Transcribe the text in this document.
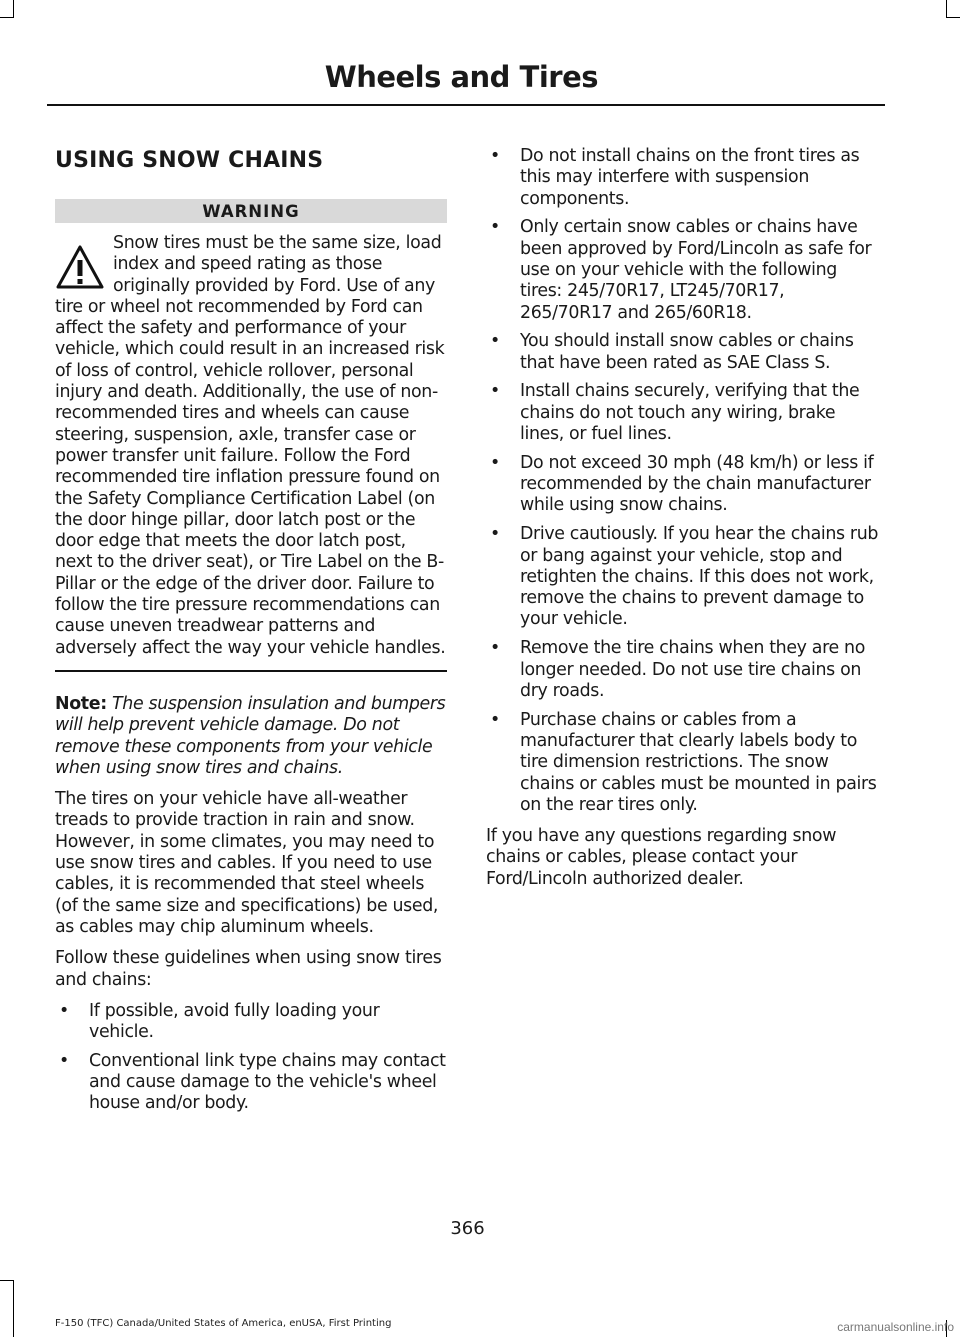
Wheels and Tires
USING SNOW CHAINS
WARNING
Snow tires must be the same size, load index and speed rating as those originally provided by Ford. Use of any tire or wheel not recommended by Ford can affect the safety and performance of your vehicle, which could result in an increased risk of loss of control, vehicle rollover, personal injury and death. Additionally, the use of non-recommended tires and wheels can cause steering, suspension, axle, transfer case or power transfer unit failure. Follow the Ford recommended tire inflation pressure found on the Safety Compliance Certification Label (on the door hinge pillar, door latch post or the door edge that meets the door latch post, next to the driver seat), or Tire Label on the B-Pillar or the edge of the driver door. Failure to follow the tire pressure recommendations can cause uneven treadwear patterns and adversely affect the way your vehicle handles.

Note: The suspension insulation and bumpers will help prevent vehicle damage. Do not remove these components from your vehicle when using snow tires and chains.

The tires on your vehicle have all-weather treads to provide traction in rain and snow. However, in some climates, you may need to use snow tires and cables. If you need to use cables, it is recommended that steel wheels (of the same size and specifications) be used, as cables may chip aluminum wheels.

Follow these guidelines when using snow tires and chains:

• If possible, avoid fully loading your vehicle.
• Conventional link type chains may contact and cause damage to the vehicle's wheel house and/or body.
• Do not install chains on the front tires as this may interfere with suspension components.
• Only certain snow cables or chains have been approved by Ford/Lincoln as safe for use on your vehicle with the following tires: 245/70R17, LT245/70R17, 265/70R17 and 265/60R18.
• You should install snow cables or chains that have been rated as SAE Class S.
• Install chains securely, verifying that the chains do not touch any wiring, brake lines, or fuel lines.
• Do not exceed 30 mph (48 km/h) or less if recommended by the chain manufacturer while using snow chains.
• Drive cautiously. If you hear the chains rub or bang against your vehicle, stop and retighten the chains. If this does not work, remove the chains to prevent damage to your vehicle.
• Remove the tire chains when they are no longer needed. Do not use tire chains on dry roads.
• Purchase chains or cables from a manufacturer that clearly labels body to tire dimension restrictions. The snow chains or cables must be mounted in pairs on the rear tires only.

If you have any questions regarding snow chains or cables, please contact your Ford/Lincoln authorized dealer.

366
F-150 (TFC) Canada/United States of America, enUSA, First Printing	carmanualsonline.info
